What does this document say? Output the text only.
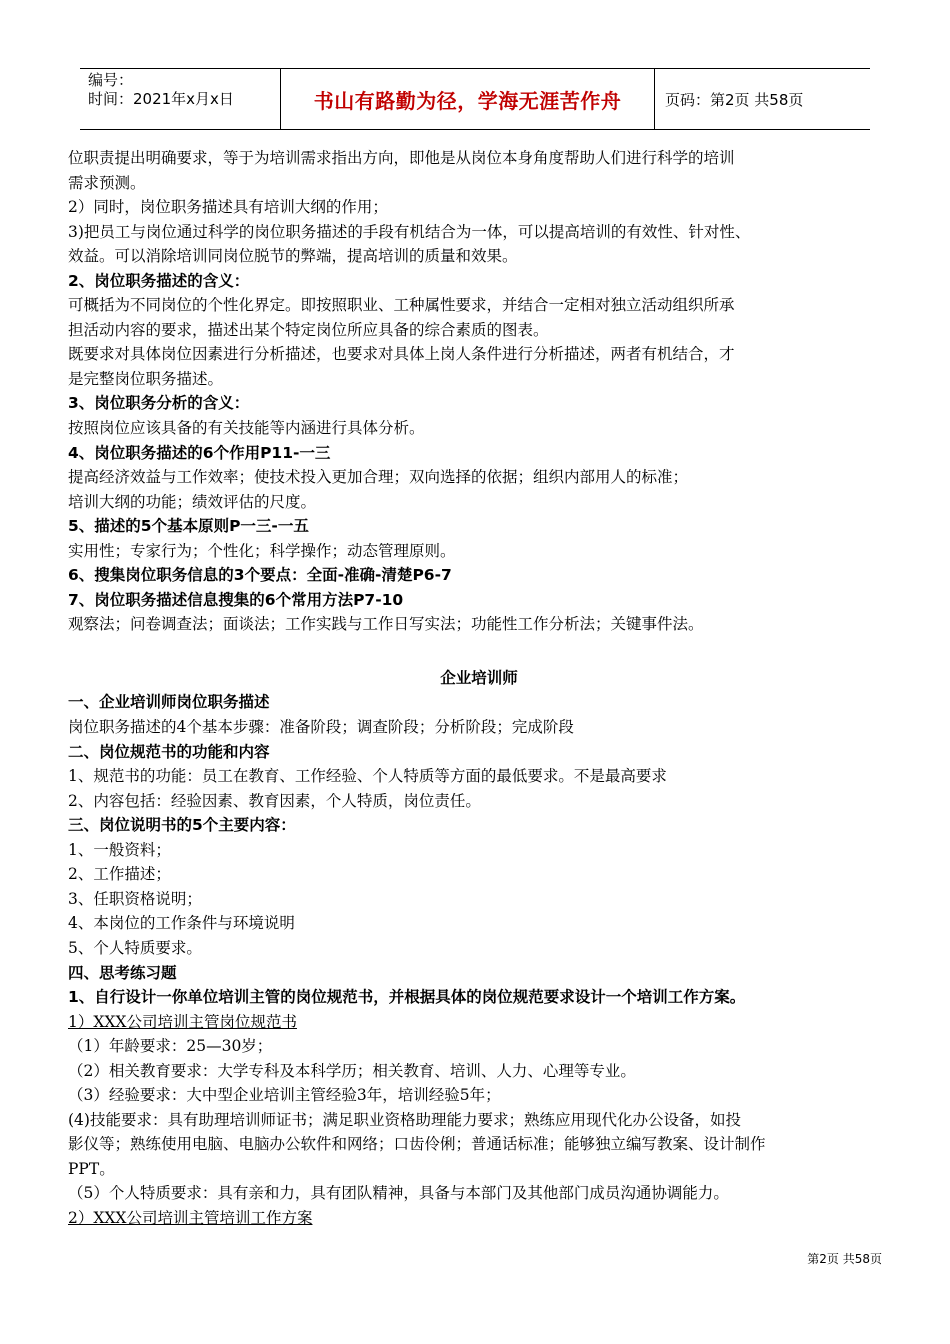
编号：
时间：2021年x月x日	书山有路勤为径，学海无涯苦作舟	页码：第2页 共58页
位职责提出明确要求，等于为培训需求指出方向，即他是从岗位本身角度帮助人们进行科学的培训
需求预测。
2）同时，岗位职务描述具有培训大纲的作用；
3)把员工与岗位通过科学的岗位职务描述的手段有机结合为一体，可以提高培训的有效性、针对性、
效益。可以消除培训同岗位脱节的弊端，提高培训的质量和效果。
2、岗位职务描述的含义：
可概括为不同岗位的个性化界定。即按照职业、工种属性要求，并结合一定相对独立活动组织所承
担活动内容的要求，描述出某个特定岗位所应具备的综合素质的图表。
既要求对具体岗位因素进行分析描述，也要求对具体上岗人条件进行分析描述，两者有机结合，才
是完整岗位职务描述。
3、岗位职务分析的含义：
按照岗位应该具备的有关技能等内涵进行具体分析。
4、岗位职务描述的6个作用P11-一三
提高经济效益与工作效率；使技术投入更加合理；双向选择的依据；组织内部用人的标准；
培训大纲的功能；绩效评估的尺度。
5、描述的5个基本原则P一三-一五
实用性；专家行为；个性化；科学操作；动态管理原则。
6、搜集岗位职务信息的3个要点：全面-准确-清楚P6-7
7、岗位职务描述信息搜集的6个常用方法P7-10
观察法；问卷调查法；面谈法；工作实践与工作日写实法；功能性工作分析法；关键事件法。
企业培训师
一、企业培训师岗位职务描述
岗位职务描述的4个基本步骤：准备阶段；调查阶段；分析阶段；完成阶段
二、岗位规范书的功能和内容
1、规范书的功能：员工在教育、工作经验、个人特质等方面的最低要求。不是最高要求
2、内容包括：经验因素、教育因素，个人特质，岗位责任。
三、岗位说明书的5个主要内容：
1、一般资料；
2、工作描述；
3、任职资格说明；
4、本岗位的工作条件与环境说明
5、个人特质要求。
四、思考练习题
1、自行设计一你单位培训主管的岗位规范书，并根据具体的岗位规范要求设计一个培训工作方案。
1）XXX公司培训主管岗位规范书
（1）年龄要求：25—30岁；
（2）相关教育要求：大学专科及本科学历；相关教育、培训、人力、心理等专业。
（3）经验要求：大中型企业培训主管经验3年，培训经验5年；
(4)技能要求：具有助理培训师证书；满足职业资格助理能力要求；熟练应用现代化办公设备，如投
影仪等；熟练使用电脑、电脑办公软件和网络；口齿伶俐；普通话标准；能够独立编写教案、设计制作
PPT。
（5）个人特质要求：具有亲和力，具有团队精神，具备与本部门及其他部门成员沟通协调能力。
2）XXX公司培训主管培训工作方案
第2页 共58页
